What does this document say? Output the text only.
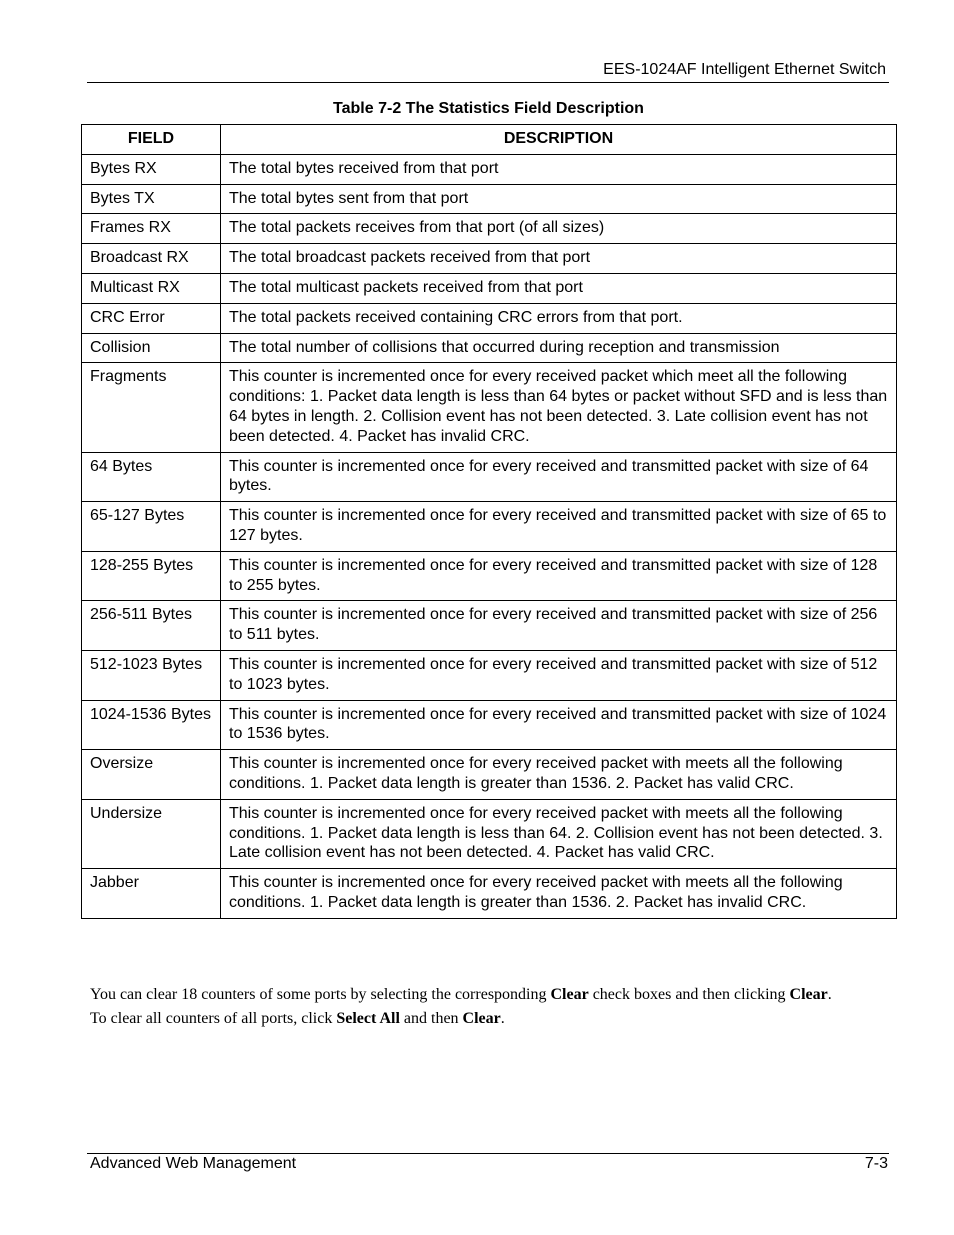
EES-1024AF Intelligent Ethernet Switch
Table 7-2 The Statistics Field Description
FIELD	DESCRIPTION
Bytes RX	The total bytes received from that port
Bytes TX	The total bytes sent from that port
Frames RX	The total packets receives from that port (of all sizes)
Broadcast RX	The total broadcast packets received from that port
Multicast RX	The total multicast packets received from that port
CRC Error	The total packets received containing CRC errors from that port.
Collision	The total number of collisions that occurred during reception and transmission
Fragments	This counter is incremented once for every received packet which meet all the following conditions: 1. Packet data length is less than 64 bytes or packet without SFD and is less than 64 bytes in length. 2. Collision event has not been detected. 3. Late collision event has not been detected. 4. Packet has invalid CRC.
64 Bytes	This counter is incremented once for every received and transmitted packet with size of 64 bytes.
65-127 Bytes	This counter is incremented once for every received and transmitted packet with size of 65 to 127 bytes.
128-255 Bytes	This counter is incremented once for every received and transmitted packet with size of 128 to 255 bytes.
256-511 Bytes	This counter is incremented once for every received and transmitted packet with size of 256 to 511 bytes.
512-1023 Bytes	This counter is incremented once for every received and transmitted packet with size of 512 to 1023 bytes.
1024-1536 Bytes	This counter is incremented once for every received and transmitted packet with size of 1024 to 1536 bytes.
Oversize	This counter is incremented once for every received packet with meets all the following conditions. 1. Packet data length is greater than 1536. 2. Packet has valid CRC.
Undersize	This counter is incremented once for every received packet with meets all the following conditions. 1. Packet data length is less than 64. 2. Collision event has not been detected. 3. Late collision event has not been detected. 4. Packet has valid CRC.
Jabber	This counter is incremented once for every received packet with meets all the following conditions. 1. Packet data length is greater than 1536. 2. Packet has invalid CRC.
You can clear 18 counters of some ports by selecting the corresponding Clear check boxes and then clicking Clear.
To clear all counters of all ports, click Select All and then Clear.
Advanced Web Management	7-3
